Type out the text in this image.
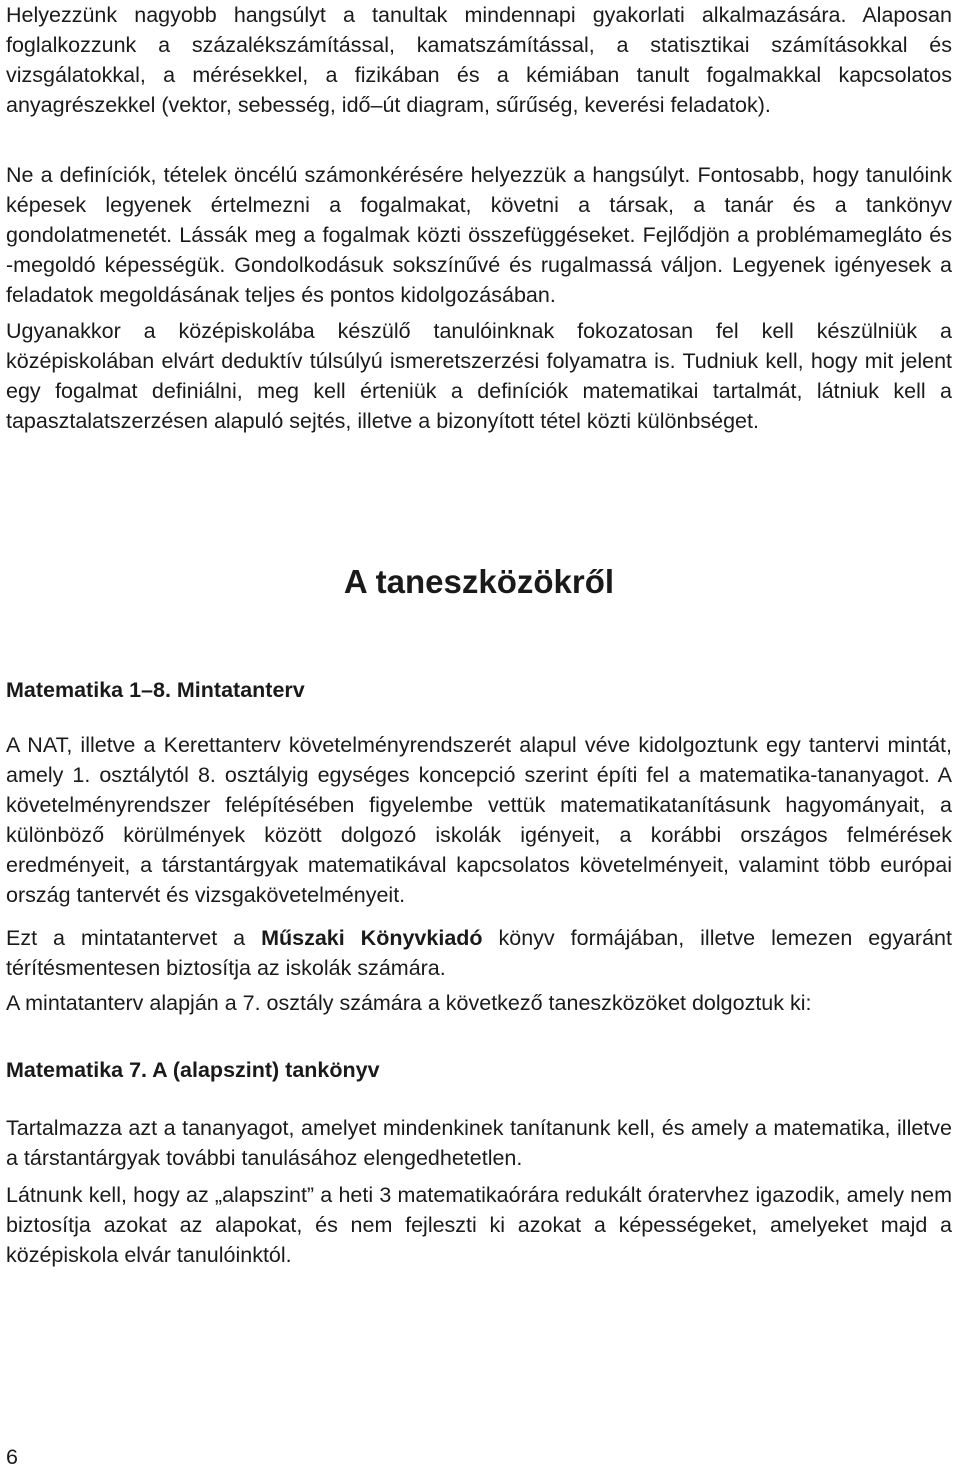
Helyezzünk nagyobb hangsúlyt a tanultak mindennapi gyakorlati alkalmazására. Alaposan foglalkozzunk a százalékszámítással, kamatszámítással, a statisztikai számításokkal és vizsgálatokkal, a mérésekkel, a fizikában és a kémiában tanult fogalmakkal kapcsolatos anyagrészekkel (vektor, sebesség, idő–út diagram, sűrűség, keverési feladatok).

Ne a definíciók, tételek öncélú számonkérésére helyezzük a hangsúlyt. Fontosabb, hogy tanulóink képesek legyenek értelmezni a fogalmakat, követni a társak, a tanár és a tankönyv gondolatmenetét. Lássák meg a fogalmak közti összefüggéseket. Fejlődjön a problémamegláto és -megoldó képességük. Gondolkodásuk sokszínűvé és rugalmassá váljon. Legyenek igényesek a feladatok megoldásának teljes és pontos kidolgozásában.

Ugyanakkor a középiskolába készülő tanulóinknak fokozatosan fel kell készülniük a középiskolában elvárt deduktív túlsúlyú ismeretszerzési folyamatra is. Tudniuk kell, hogy mit jelent egy fogalmat definiálni, meg kell érteniük a definíciók matematikai tartalmát, látniuk kell a tapasztalatszerzésen alapuló sejtés, illetve a bizonyított tétel közti különbséget.

A taneszközökről
Matematika 1–8. Mintatanterv

A NAT, illetve a Kerettanterv követelményrendszerét alapul véve kidolgoztunk egy tantervi mintát, amely 1. osztálytól 8. osztályig egységes koncepció szerint építi fel a matematika-tananyagot. A követelményrendszer felépítésében figyelembe vettük matematikatanításunk hagyományait, a különböző körülmények között dolgozó iskolák igényeit, a korábbi országos felmérések eredményeit, a társtantárgyak matematikával kapcsolatos követelményeit, valamint több európai ország tantervét és vizsgakövetelményeit.

Ezt a mintatantervet a Műszaki Könyvkiadó könyv formájában, illetve lemezen egyaránt térítésmentesen biztosítja az iskolák számára.

A mintatanterv alapján a 7. osztály számára a következő taneszközöket dolgoztuk ki:

Matematika 7. A (alapszint) tankönyv

Tartalmazza azt a tananyagot, amelyet mindenkinek tanítanunk kell, és amely a matematika, illetve a társtantárgyak további tanulásához elengedhetetlen.

Látnunk kell, hogy az „alapszint” a heti 3 matematikaórára redukált óratervhez igazodik, amely nem biztosítja azokat az alapokat, és nem fejleszti ki azokat a képességeket, amelyeket majd a középiskola elvár tanulóinktól.

6
